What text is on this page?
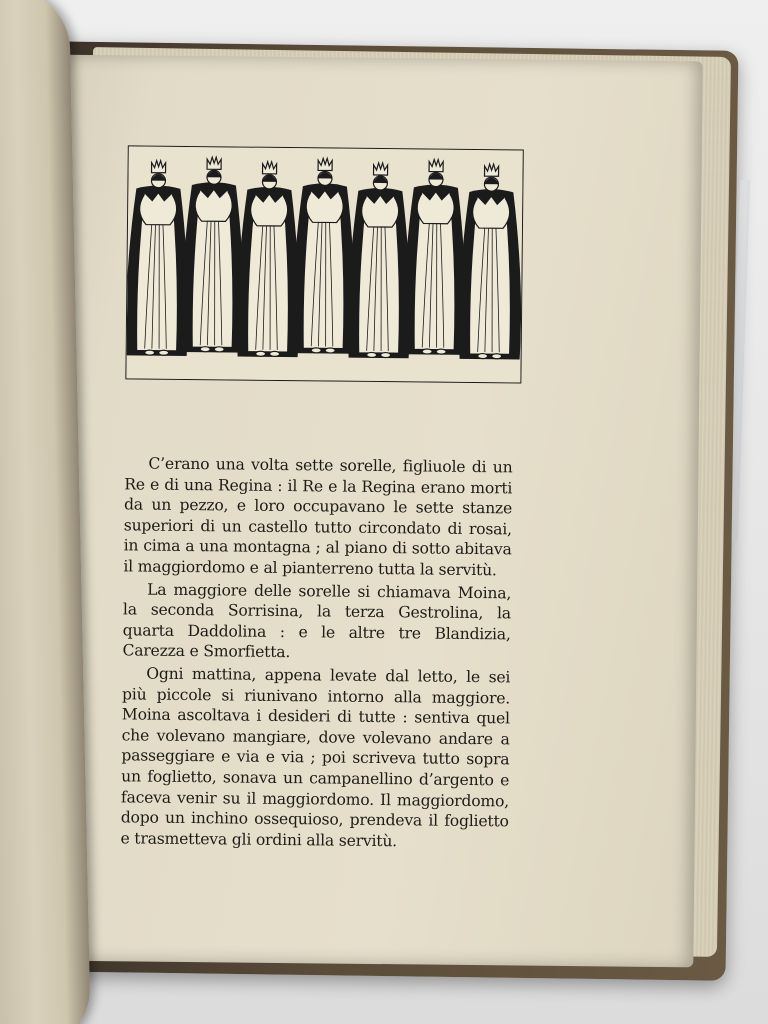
C’erano una volta sette sorelle, figliuole di un Re e di una Regina : il Re e la Regina erano morti da un pezzo, e loro occupavano le sette stanze superiori di un castello tutto circondato di rosai, in cima a una montagna ; al piano di sotto abitava il maggiordomo e al pianterreno tutta la servitù.

La maggiore delle sorelle si chiamava Moina, la seconda Sorrisina, la terza Gestrolina, la quarta Daddolina : e le altre tre Blandizia, Carezza e Smorfietta.

Ogni mattina, appena levate dal letto, le sei più piccole si riunivano intorno alla maggiore. Moina ascoltava i desideri di tutte : sentiva quel che volevano mangiare, dove volevano andare a passeggiare e via e via ; poi scriveva tutto sopra un foglietto, sonava un campanellino d’argento e faceva venir su il maggiordomo. Il maggiordomo, dopo un inchino ossequioso, prendeva il foglietto e trasmetteva gli ordini alla servitù.
